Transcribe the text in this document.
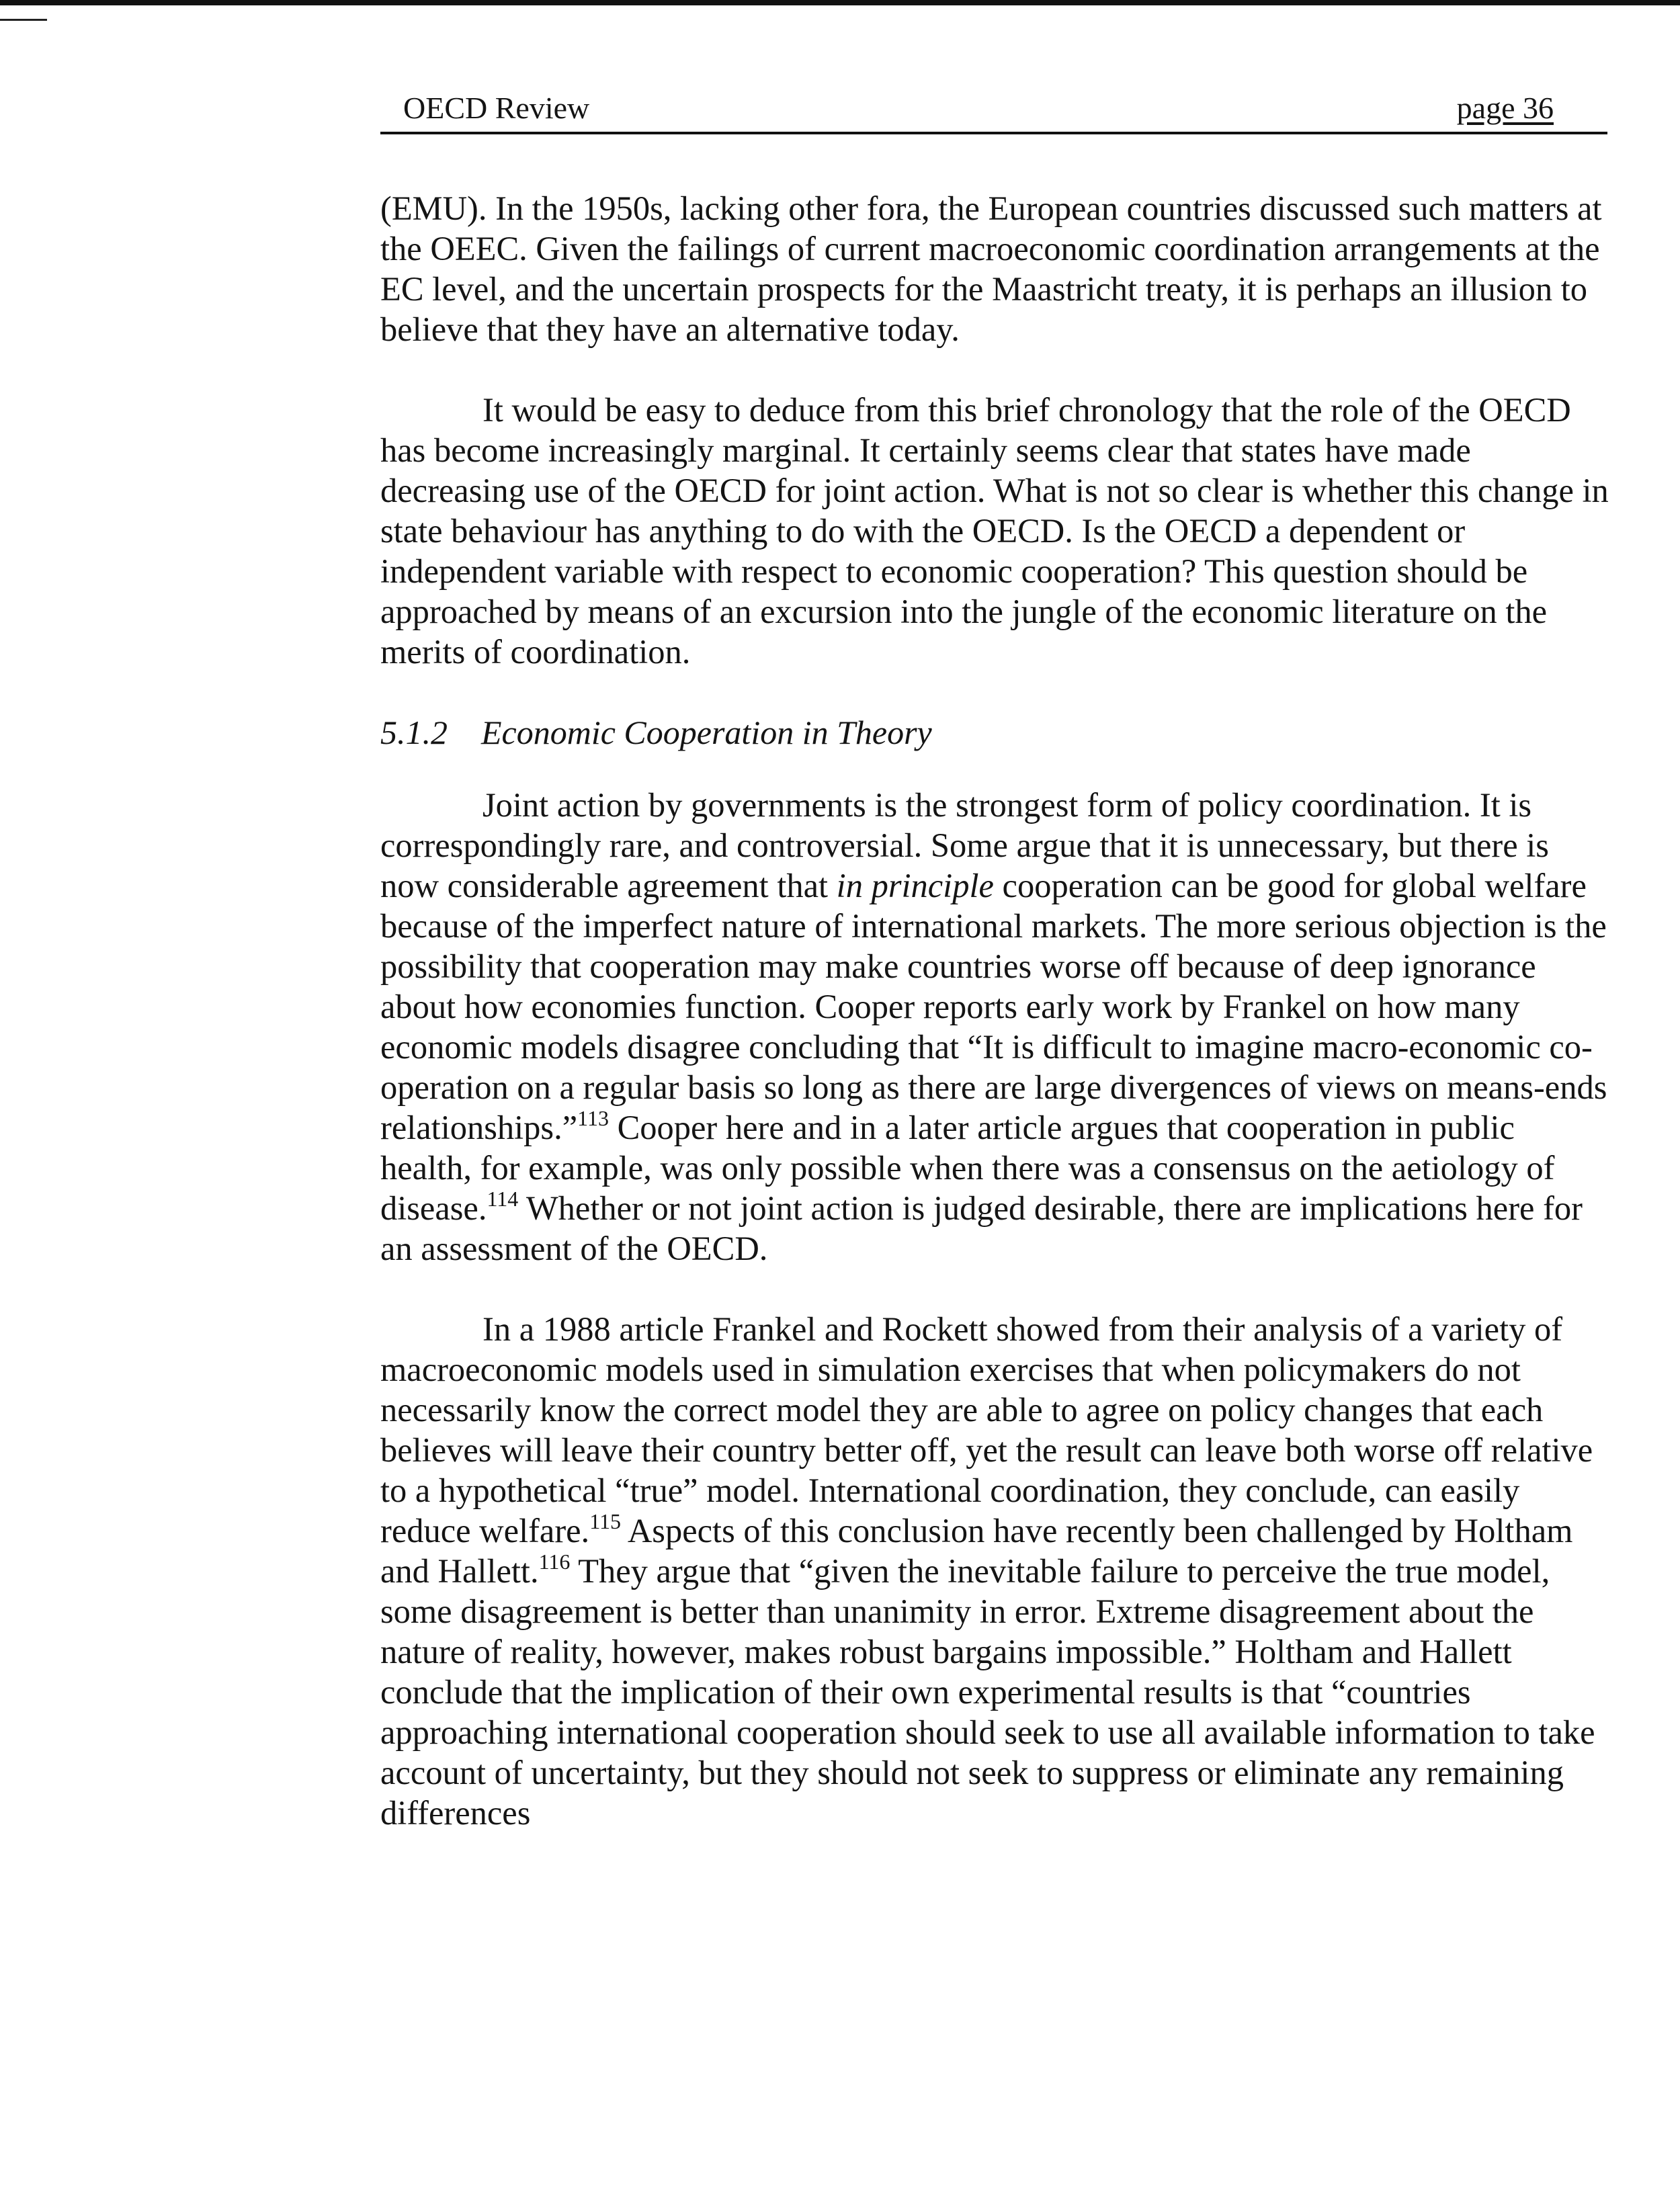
OECD Review	page 36

(EMU). In the 1950s, lacking other fora, the European countries discussed such matters at the OEEC. Given the failings of current macroeconomic coordination arrangements at the EC level, and the uncertain prospects for the Maastricht treaty, it is perhaps an illusion to believe that they have an alternative today.

It would be easy to deduce from this brief chronology that the role of the OECD has become increasingly marginal. It certainly seems clear that states have made decreasing use of the OECD for joint action. What is not so clear is whether this change in state behaviour has anything to do with the OECD. Is the OECD a dependent or independent variable with respect to economic cooperation? This question should be approached by means of an excursion into the jungle of the economic literature on the merits of coordination.

5.1.2 Economic Cooperation in Theory

Joint action by governments is the strongest form of policy coordination. It is correspondingly rare, and controversial. Some argue that it is unnecessary, but there is now considerable agreement that in principle cooperation can be good for global welfare because of the imperfect nature of international markets. The more serious objection is the possibility that cooperation may make countries worse off because of deep ignorance about how economies function. Cooper reports early work by Frankel on how many economic models disagree concluding that “It is difficult to imagine macro-economic co-operation on a regular basis so long as there are large divergences of views on means-ends relationships.”$^{113}$ Cooper here and in a later article argues that cooperation in public health, for example, was only possible when there was a consensus on the aetiology of disease.$^{114}$ Whether or not joint action is judged desirable, there are implications here for an assessment of the OECD.

In a 1988 article Frankel and Rockett showed from their analysis of a variety of macroeconomic models used in simulation exercises that when policymakers do not necessarily know the correct model they are able to agree on policy changes that each believes will leave their country better off, yet the result can leave both worse off relative to a hypothetical “true” model. International coordination, they conclude, can easily reduce welfare.$^{115}$ Aspects of this conclusion have recently been challenged by Holtham and Hallett.$^{116}$ They argue that “given the inevitable failure to perceive the true model, some disagreement is better than unanimity in error. Extreme disagreement about the nature of reality, however, makes robust bargains impossible.” Holtham and Hallett conclude that the implication of their own experimental results is that “countries approaching international cooperation should seek to use all available information to take account of uncertainty, but they should not seek to suppress or eliminate any remaining differences
